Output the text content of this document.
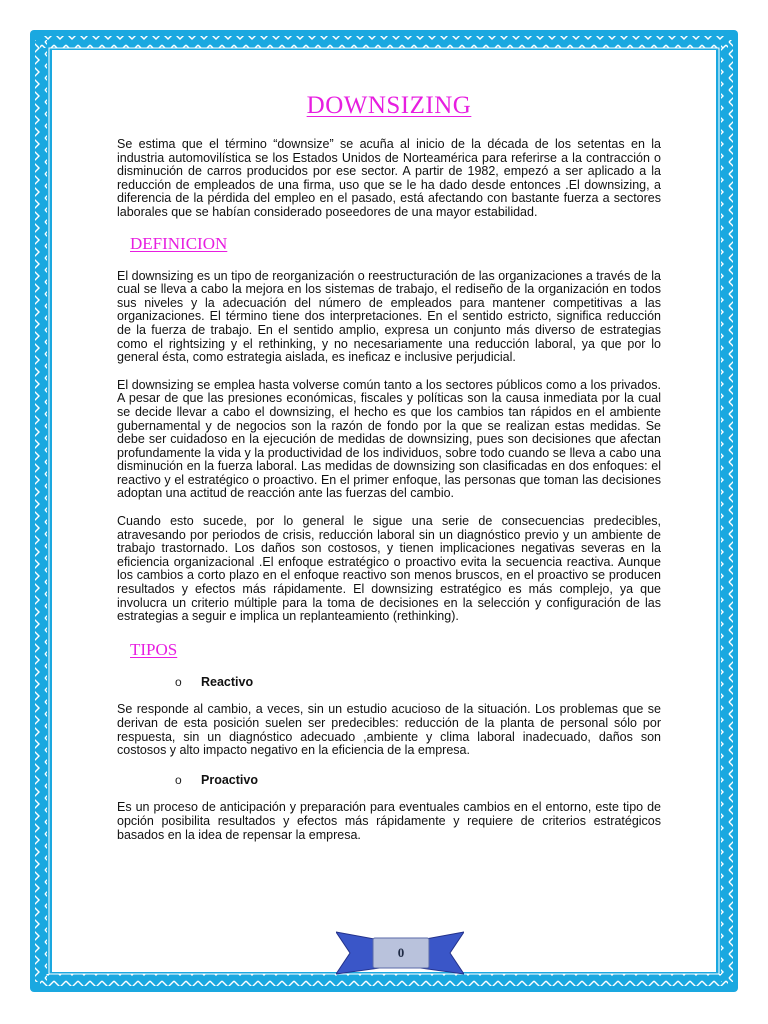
DOWNSIZING

Se estima que el término “downsize” se acuña al inicio de la década de los setentas en la industria automovilística se los Estados Unidos de Norteamérica para referirse a la contracción o disminución de carros producidos por ese sector. A partir de 1982, empezó a ser aplicado a la reducción de empleados de una firma, uso que se le ha dado desde entonces .El downsizing, a diferencia de la pérdida del empleo en el pasado, está afectando con bastante fuerza a sectores laborales que se habían considerado poseedores de una mayor estabilidad.

DEFINICION

El downsizing es un tipo de reorganización o reestructuración de las organizaciones a través de la cual se lleva a cabo la mejora en los sistemas de trabajo, el rediseño de la organización en todos sus niveles y la adecuación del número de empleados para mantener competitivas a las organizaciones. El término tiene dos interpretaciones. En el sentido estricto, significa reducción de la fuerza de trabajo. En el sentido amplio, expresa un conjunto más diverso de estrategias como el rightsizing y el rethinking, y no necesariamente una reducción laboral, ya que por lo general ésta, como estrategia aislada, es ineficaz e inclusive perjudicial.

El downsizing se emplea hasta volverse común tanto a los sectores públicos como a los privados. A pesar de que las presiones económicas, fiscales y políticas son la causa inmediata por la cual se decide llevar a cabo el downsizing, el hecho es que los cambios tan rápidos en el ambiente gubernamental y de negocios son la razón de fondo por la que se realizan estas medidas. Se debe ser cuidadoso en la ejecución de medidas de downsizing, pues son decisiones que afectan profundamente la vida y la productividad de los individuos, sobre todo cuando se lleva a cabo una disminución en la fuerza laboral. Las medidas de downsizing son clasificadas en dos enfoques: el reactivo y el estratégico o proactivo. En el primer enfoque, las personas que toman las decisiones adoptan una actitud de reacción ante las fuerzas del cambio.

Cuando esto sucede, por lo general le sigue una serie de consecuencias predecibles, atravesando por periodos de crisis, reducción laboral sin un diagnóstico previo y un ambiente de trabajo trastornado. Los daños son costosos, y tienen implicaciones negativas severas en la eficiencia organizacional .El enfoque estratégico o proactivo evita la secuencia reactiva. Aunque los cambios a corto plazo en el enfoque reactivo son menos bruscos, en el proactivo se producen resultados y efectos más rápidamente. El downsizing estratégico es más complejo, ya que involucra un criterio múltiple para la toma de decisiones en la selección y configuración de las estrategias a seguir e implica un replanteamiento (rethinking).

TIPOS
o	Reactivo

Se responde al cambio, a veces, sin un estudio acucioso de la situación. Los problemas que se derivan de esta posición suelen ser predecibles: reducción de la planta de personal sólo por respuesta, sin un diagnóstico adecuado ,ambiente y clima laboral inadecuado, daños son costosos y alto impacto negativo en la eficiencia de la empresa.

o	Proactivo

Es un proceso de anticipación y preparación para eventuales cambios en el entorno, este tipo de opción posibilita resultados y efectos más rápidamente y requiere de criterios estratégicos basados en la idea de repensar la empresa.

0
